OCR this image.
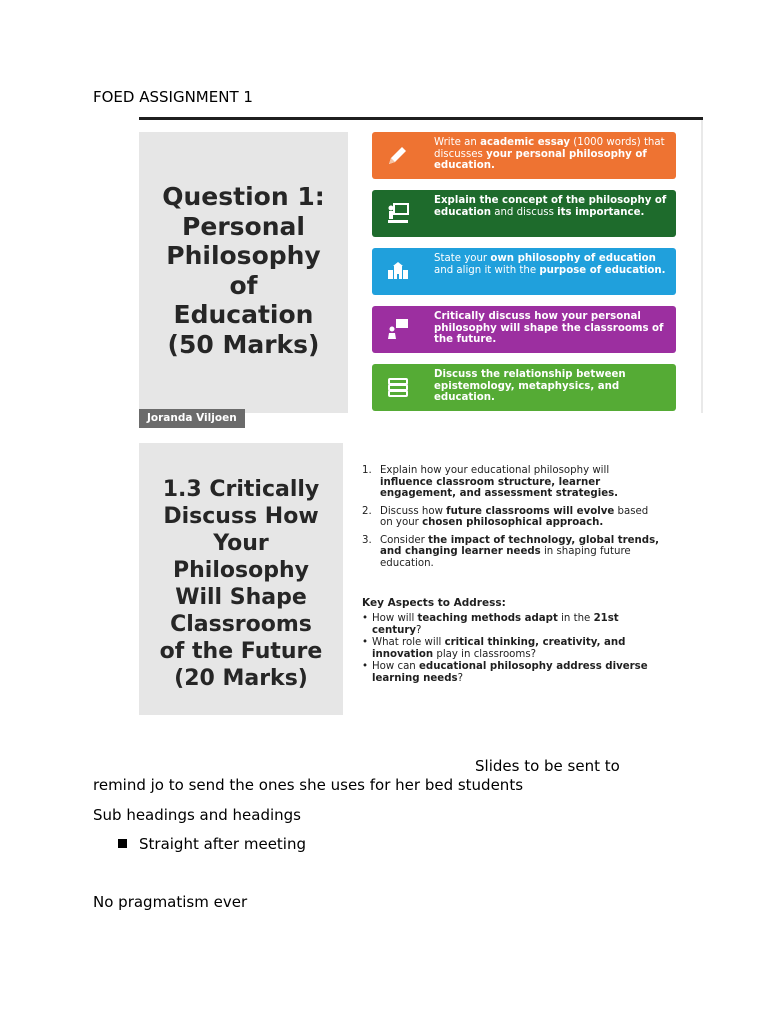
FOED ASSIGNMENT 1
Question 1:
Personal
Philosophy
of
Education
(50 Marks)
Joranda Viljoen
Write an academic essay (1000 words) that discusses your personal philosophy of education.
Explain the concept of the philosophy of education and discuss its importance.
State your own philosophy of education and align it with the purpose of education.
Critically discuss how your personal philosophy will shape the classrooms of the future.
Discuss the relationship between epistemology, metaphysics, and education.
1.3 Critically
Discuss How
Your
Philosophy
Will Shape
Classrooms
of the Future
(20 Marks)
1. Explain how your educational philosophy will influence classroom structure, learner engagement, and assessment strategies.
2. Discuss how future classrooms will evolve based on your chosen philosophical approach.
3. Consider the impact of technology, global trends, and changing learner needs in shaping future education.
Key Aspects to Address:
• How will teaching methods adapt in the 21st century?
• What role will critical thinking, creativity, and innovation play in classrooms?
• How can educational philosophy address diverse learning needs?
Slides to be sent to
remind jo to send the ones she uses for her bed students
Sub headings and headings
Straight after meeting
No pragmatism ever
